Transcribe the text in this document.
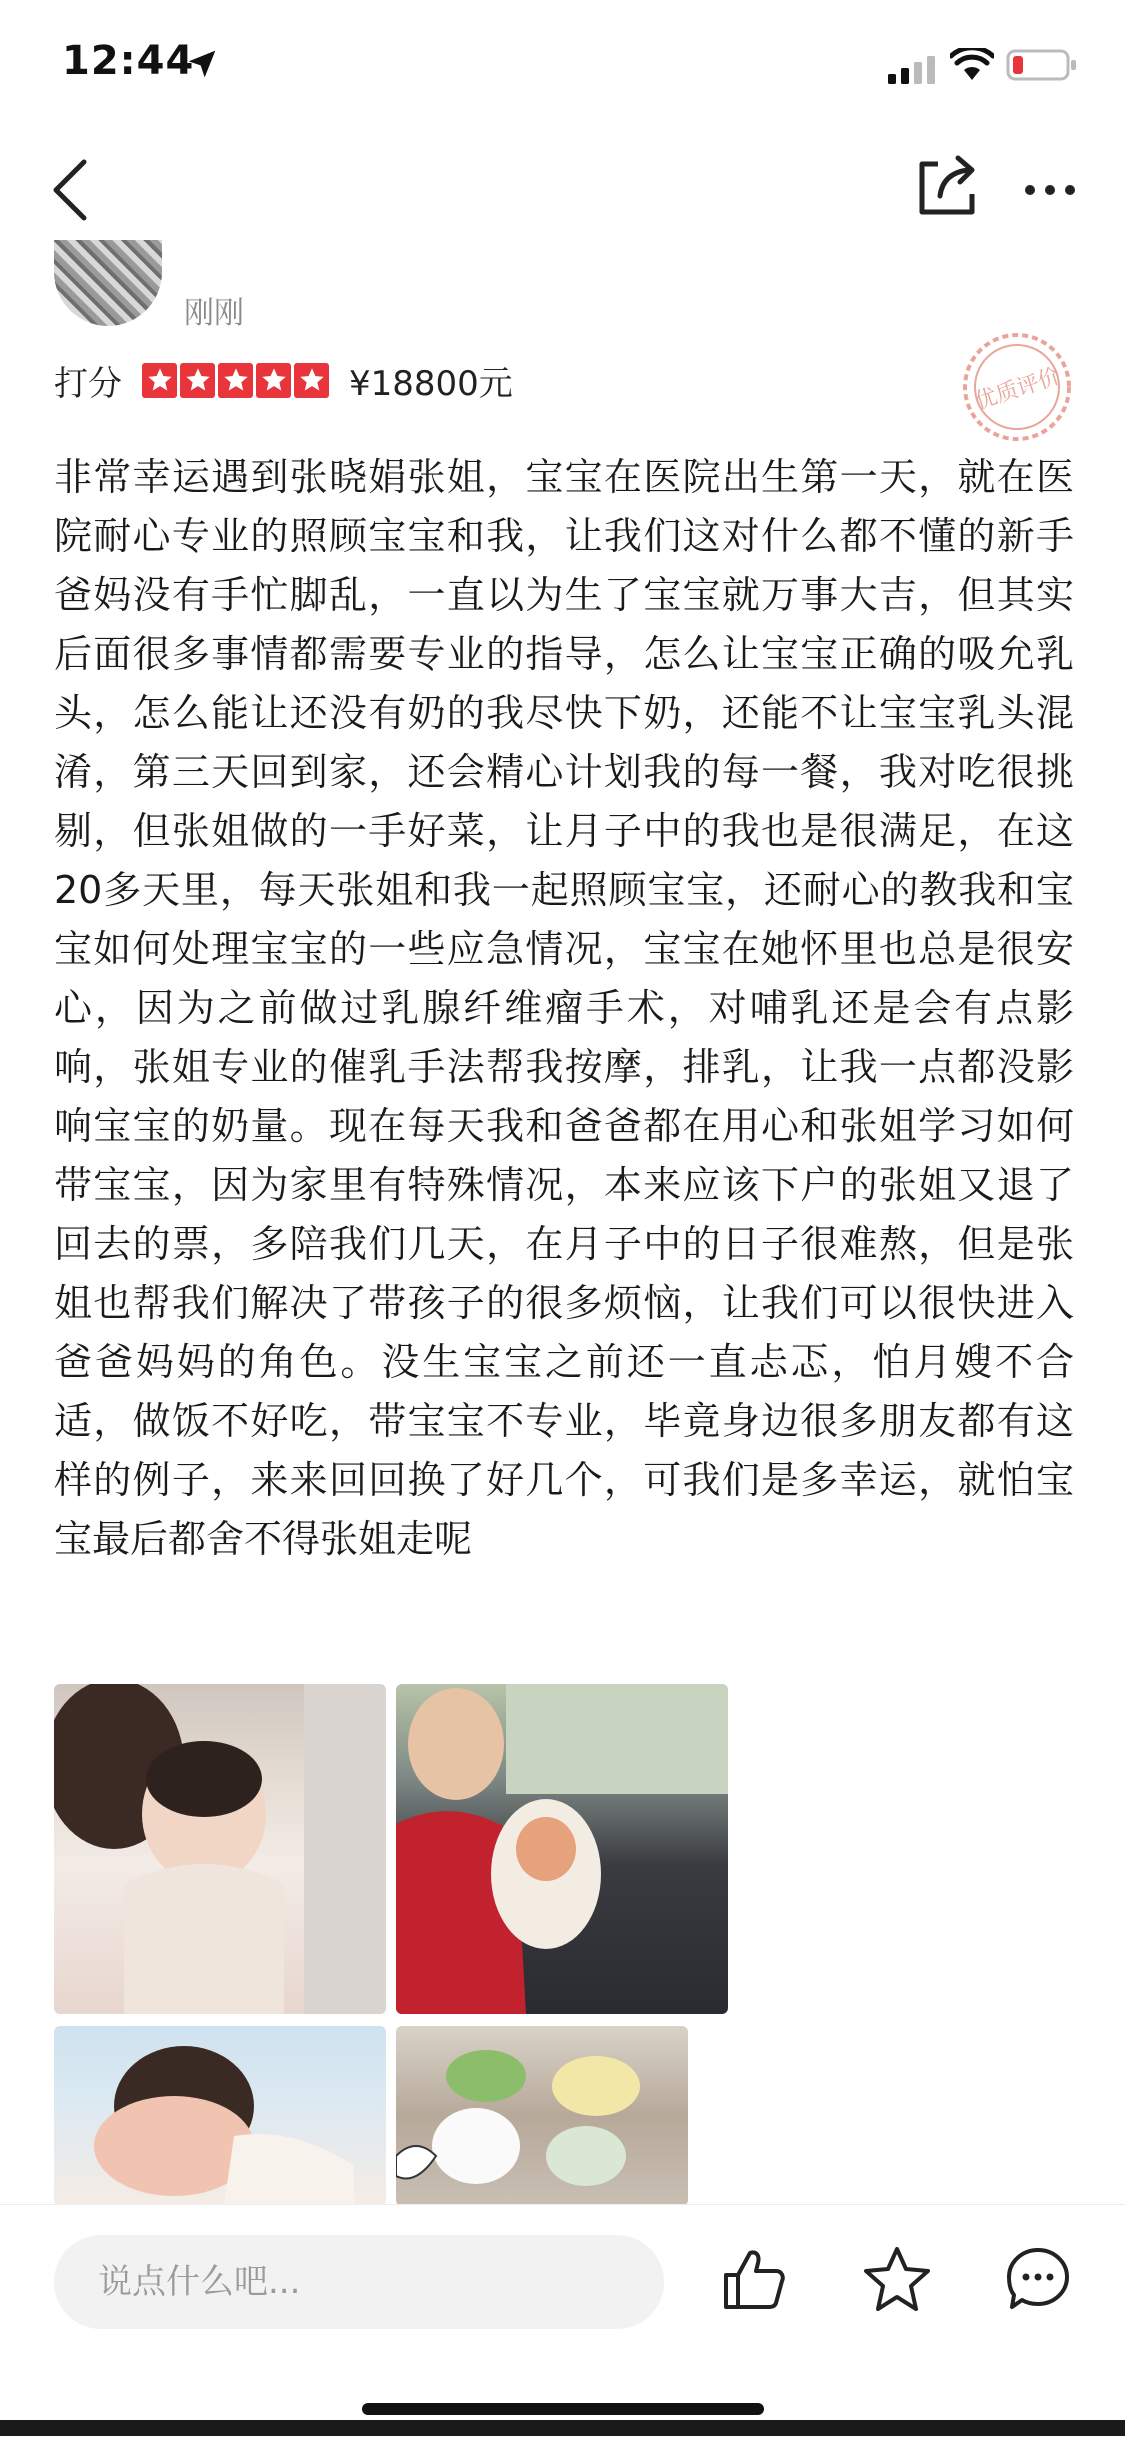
12:44
刚刚
打分	¥18800元	优质评价

非常幸运遇到张晓娟张姐，宝宝在医院出生第一天，就在医院耐心专业的照顾宝宝和我，让我们这对什么都不懂的新手爸妈没有手忙脚乱，一直以为生了宝宝就万事大吉，但其实后面很多事情都需要专业的指导，怎么让宝宝正确的吸允乳头，怎么能让还没有奶的我尽快下奶，还能不让宝宝乳头混淆，第三天回到家，还会精心计划我的每一餐，我对吃很挑剔，但张姐做的一手好菜，让月子中的我也是很满足，在这20多天里，每天张姐和我一起照顾宝宝，还耐心的教我和宝宝如何处理宝宝的一些应急情况，宝宝在她怀里也总是很安心，因为之前做过乳腺纤维瘤手术，对哺乳还是会有点影响，张姐专业的催乳手法帮我按摩，排乳，让我一点都没影响宝宝的奶量。现在每天我和爸爸都在用心和张姐学习如何带宝宝，因为家里有特殊情况，本来应该下户的张姐又退了回去的票，多陪我们几天，在月子中的日子很难熬，但是张姐也帮我们解决了带孩子的很多烦恼，让我们可以很快进入爸爸妈妈的角色。没生宝宝之前还一直忐忑，怕月嫂不合适，做饭不好吃，带宝宝不专业，毕竟身边很多朋友都有这样的例子，来来回回换了好几个，可我们是多幸运，就怕宝宝最后都舍不得张姐走呢

说点什么吧...
